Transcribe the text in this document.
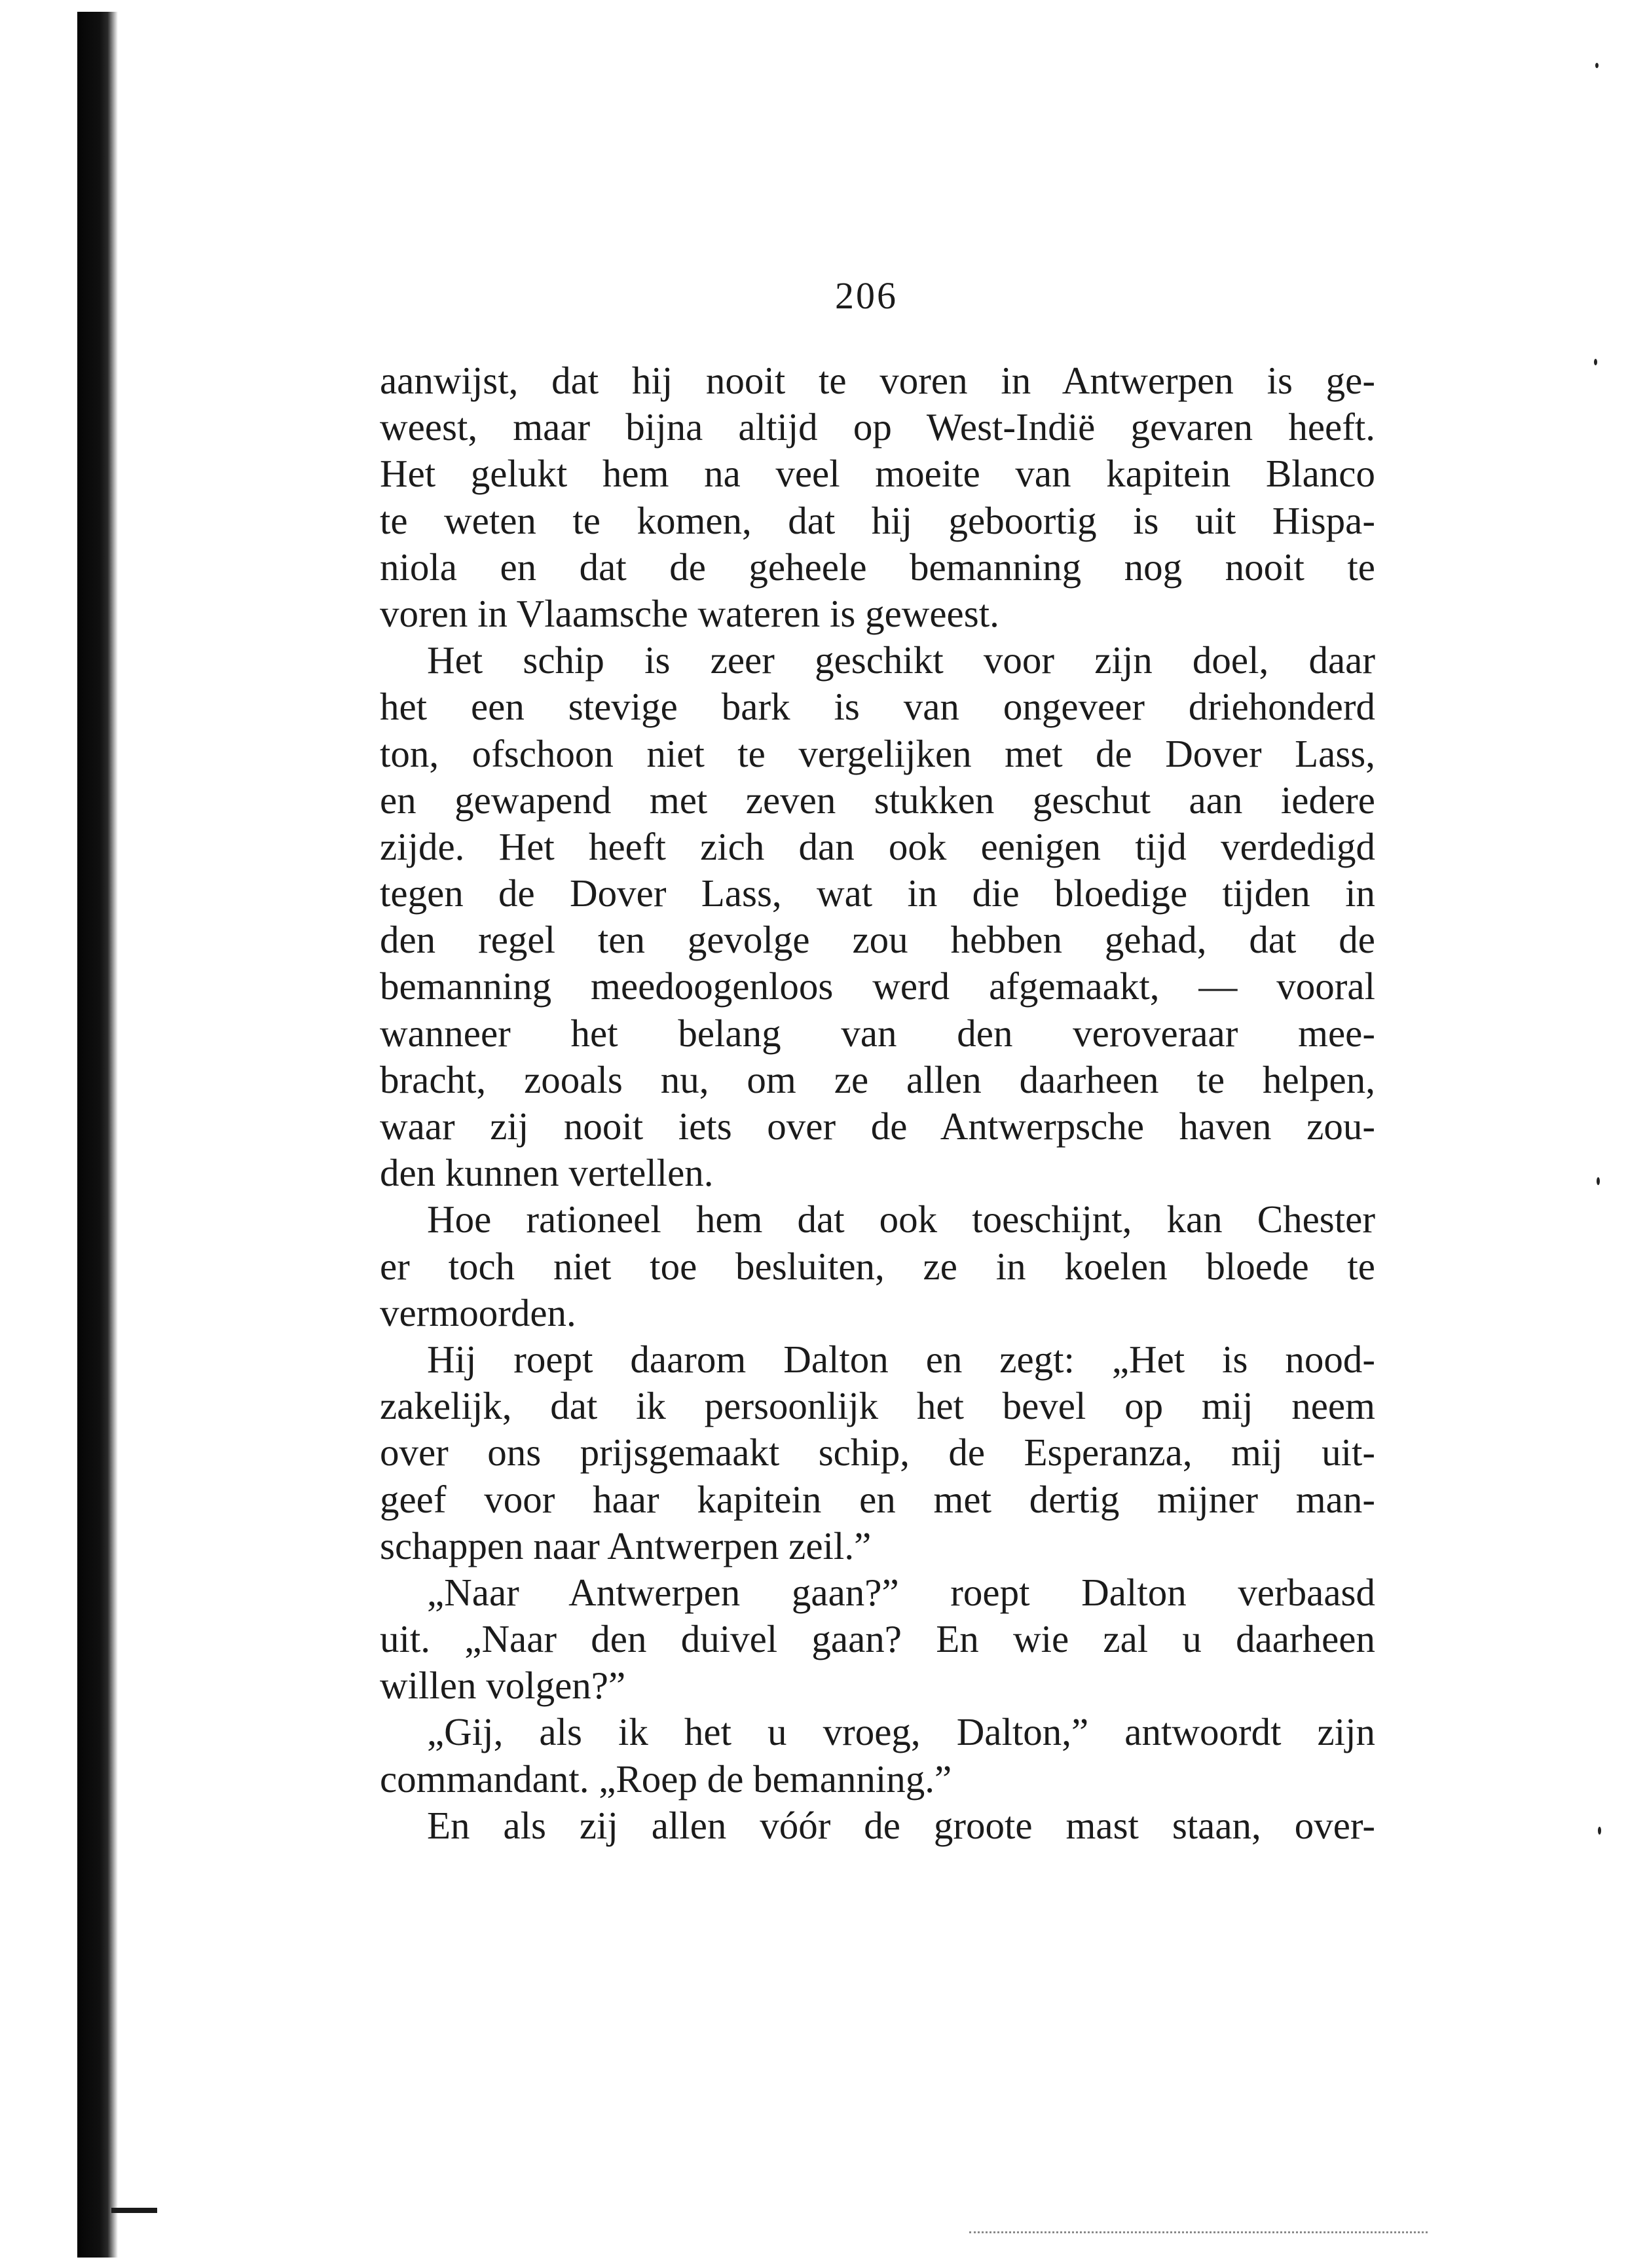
206
aanwijst, dat hij nooit te voren in Antwerpen is ge-
weest, maar bijna altijd op West-Indië gevaren heeft.
Het gelukt hem na veel moeite van kapitein Blanco
te weten te komen, dat hij geboortig is uit Hispa-
niola en dat de geheele bemanning nog nooit te
voren in Vlaamsche wateren is geweest.
Het schip is zeer geschikt voor zijn doel, daar
het een stevige bark is van ongeveer driehonderd
ton, ofschoon niet te vergelijken met de Dover Lass,
en gewapend met zeven stukken geschut aan iedere
zijde. Het heeft zich dan ook eenigen tijd verdedigd
tegen de Dover Lass, wat in die bloedige tijden in
den regel ten gevolge zou hebben gehad, dat de
bemanning meedoogenloos werd afgemaakt, — vooral
wanneer het belang van den veroveraar mee-
bracht, zooals nu, om ze allen daarheen te helpen,
waar zij nooit iets over de Antwerpsche haven zou-
den kunnen vertellen.
Hoe rationeel hem dat ook toeschijnt, kan Chester
er toch niet toe besluiten, ze in koelen bloede te
vermoorden.
Hij roept daarom Dalton en zegt: „Het is nood-
zakelijk, dat ik persoonlijk het bevel op mij neem
over ons prijsgemaakt schip, de Esperanza, mij uit-
geef voor haar kapitein en met dertig mijner man-
schappen naar Antwerpen zeil.”
„Naar Antwerpen gaan?” roept Dalton verbaasd
uit. „Naar den duivel gaan? En wie zal u daarheen
willen volgen?”
„Gij, als ik het u vroeg, Dalton,” antwoordt zijn
commandant. „Roep de bemanning.”
En als zij allen vóór de groote mast staan, over-
